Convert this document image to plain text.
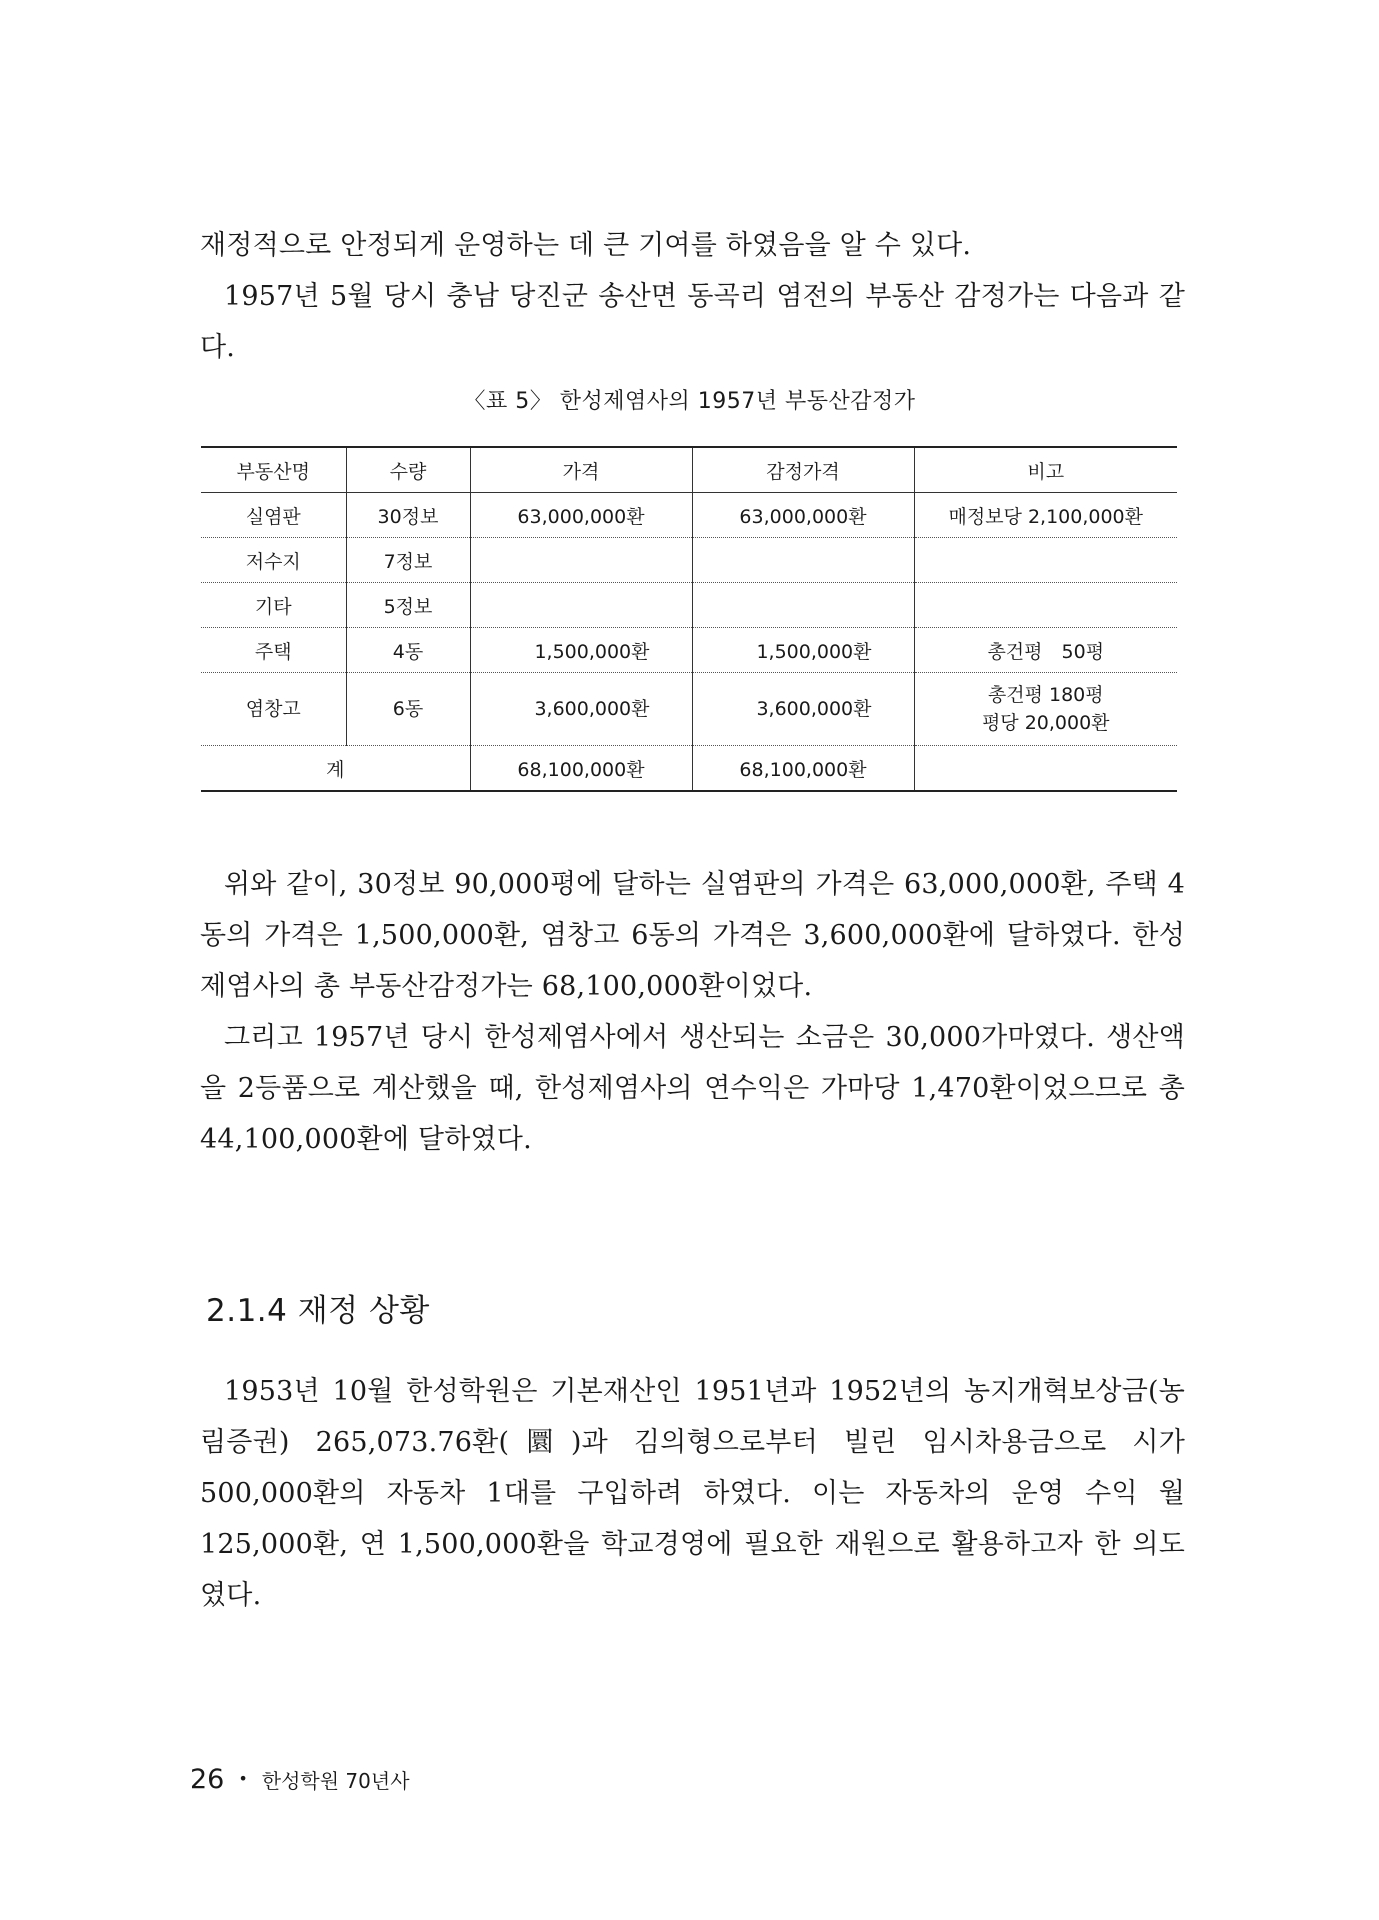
재정적으로 안정되게 운영하는 데 큰 기여를 하였음을 알 수 있다.

1957년 5월 당시 충남 당진군 송산면 동곡리 염전의 부동산 감정가는 다음과 같다.

〈표 5〉 한성제염사의 1957년 부동산감정가
부동산명	수량	가격	감정가격	비고
실염판	30정보	63,000,000환	63,000,000환	매정보당 2,100,000환
저수지	7정보			
기타	5정보			
주택	4동	1,500,000환	1,500,000환	총건평　50평
염창고	6동	3,600,000환	3,600,000환	총건평 180평
평당 20,000환

계		68,100,000환	68,100,000환	

위와 같이, 30정보 90,000평에 달하는 실염판의 가격은 63,000,000환, 주택 4동의 가격은 1,500,000환, 염창고 6동의 가격은 3,600,000환에 달하였다. 한성제염사의 총 부동산감정가는 68,100,000환이었다.

그리고 1957년 당시 한성제염사에서 생산되는 소금은 30,000가마였다. 생산액을 2등품으로 계산했을 때, 한성제염사의 연수익은 가마당 1,470환이었으므로 총 44,100,000환에 달하였다.

2.1.4 재정 상황

1953년 10월 한성학원은 기본재산인 1951년과 1952년의 농지개혁보상금(농림증권) 265,073.76환(圜)과 김의형으로부터 빌린 임시차용금으로 시가 500,000환의 자동차 1대를 구입하려 하였다. 이는 자동차의 운영 수익 월 125,000환, 연 1,500,000환을 학교경영에 필요한 재원으로 활용하고자 한 의도였다.

26 • 한성학원 70년사
